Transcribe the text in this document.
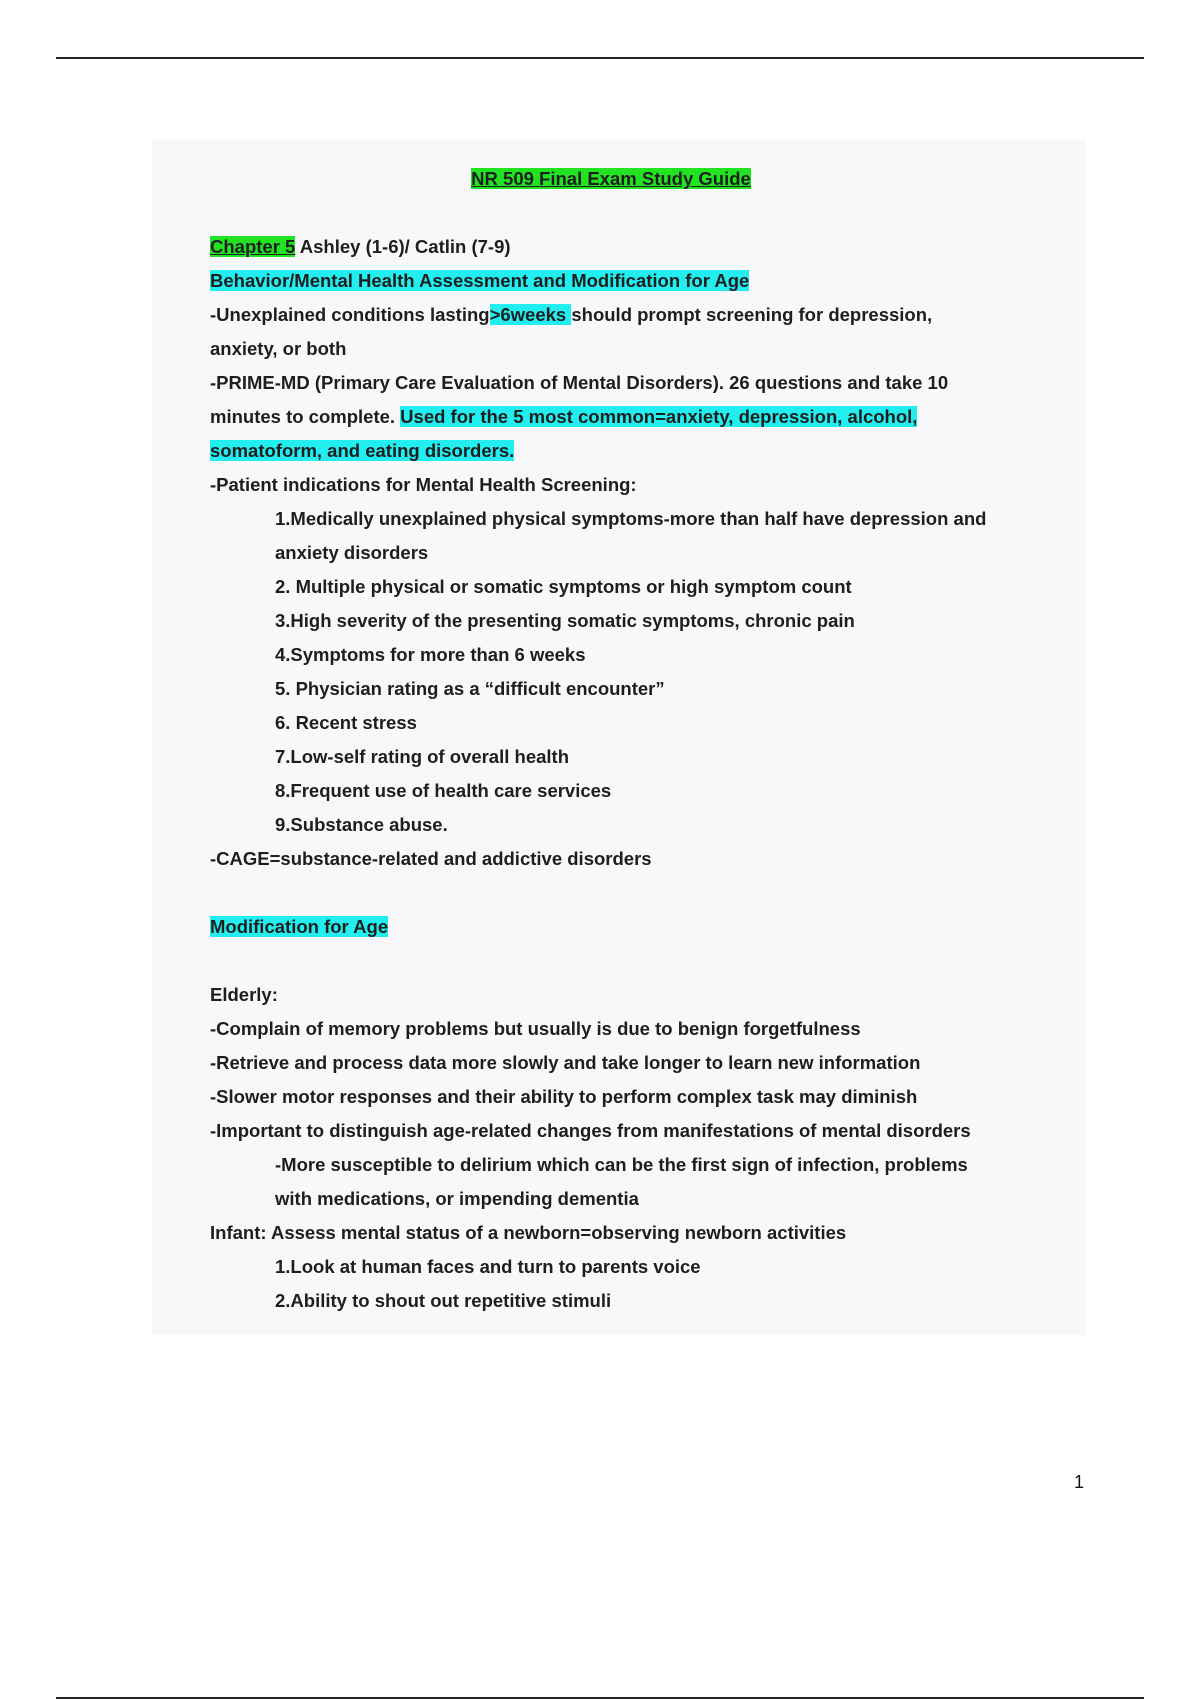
NR 509 Final Exam Study Guide
Chapter 5 Ashley (1-6)/ Catlin (7-9)
Behavior/Mental Health Assessment and Modification for Age
-Unexplained conditions lasting>6weeks should prompt screening for depression,
anxiety, or both
-PRIME-MD (Primary Care Evaluation of Mental Disorders). 26 questions and take 10
minutes to complete. Used for the 5 most common=anxiety, depression, alcohol,
somatoform, and eating disorders.
-Patient indications for Mental Health Screening:
1.Medically unexplained physical symptoms-more than half have depression and
anxiety disorders
2. Multiple physical or somatic symptoms or high symptom count
3.High severity of the presenting somatic symptoms, chronic pain
4.Symptoms for more than 6 weeks
5. Physician rating as a “difficult encounter”
6. Recent stress
7.Low-self rating of overall health
8.Frequent use of health care services
9.Substance abuse.
-CAGE=substance-related and addictive disorders
Modification for Age
Elderly:
-Complain of memory problems but usually is due to benign forgetfulness
-Retrieve and process data more slowly and take longer to learn new information
-Slower motor responses and their ability to perform complex task may diminish
-Important to distinguish age-related changes from manifestations of mental disorders
-More susceptible to delirium which can be the first sign of infection, problems
with medications, or impending dementia
Infant: Assess mental status of a newborn=observing newborn activities
1.Look at human faces and turn to parents voice
2.Ability to shout out repetitive stimuli
1
